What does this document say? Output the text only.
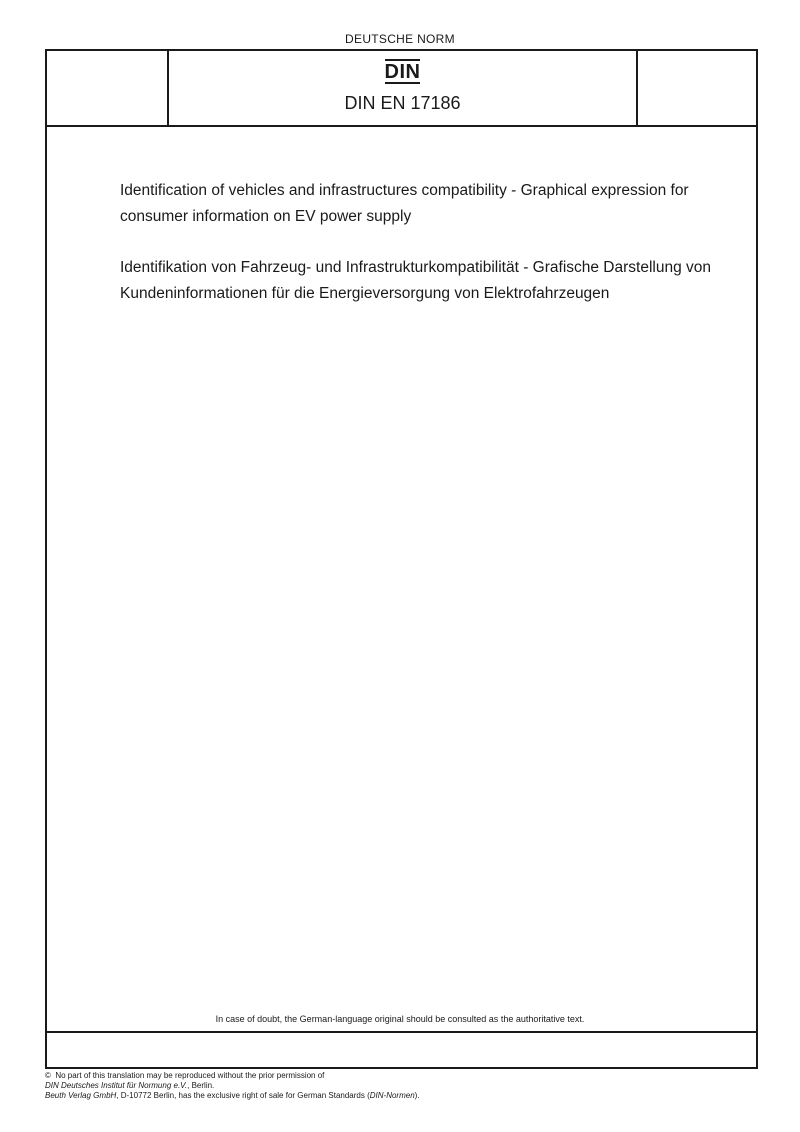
DEUTSCHE NORM
DIN
DIN EN 17186

Identification of vehicles and infrastructures compatibility - Graphical expression for consumer information on EV power supply

Identifikation von Fahrzeug- und Infrastrukturkompatibilität - Grafische Darstellung von Kundeninformationen für die Energieversorgung von Elektrofahrzeugen

In case of doubt, the German-language original should be consulted as the authoritative text.
© No part of this translation may be reproduced without the prior permission of
DIN Deutsches Institut für Normung e.V., Berlin.
Beuth Verlag GmbH, D-10772 Berlin, has the exclusive right of sale for German Standards (DIN-Normen).
